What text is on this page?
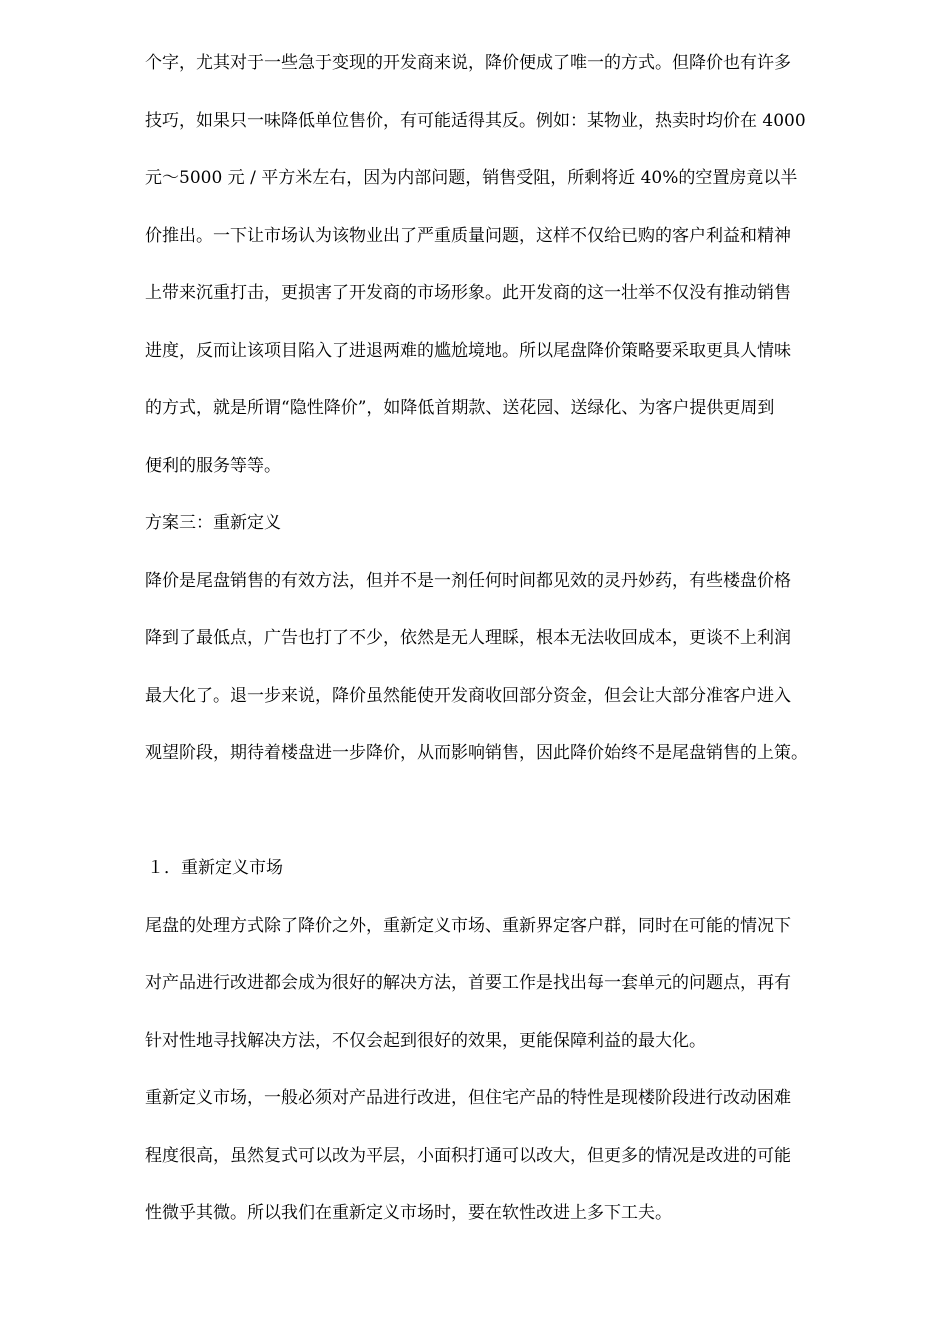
个字，尤其对于一些急于变现的开发商来说，降价便成了唯一的方式。但降价也有许多
技巧，如果只一味降低单位售价，有可能适得其反。例如：某物业，热卖时均价在 4000
元～5000 元 / 平方米左右，因为内部问题，销售受阻，所剩将近 40%的空置房竟以半
价推出。一下让市场认为该物业出了严重质量问题，这样不仅给已购的客户利益和精神
上带来沉重打击，更损害了开发商的市场形象。此开发商的这一壮举不仅没有推动销售
进度，反而让该项目陷入了进退两难的尴尬境地。所以尾盘降价策略要采取更具人情味
的方式，就是所谓“隐性降价”，如降低首期款、送花园、送绿化、为客户提供更周到
便利的服务等等。
方案三：重新定义
降价是尾盘销售的有效方法，但并不是一剂任何时间都见效的灵丹妙药，有些楼盘价格
降到了最低点，广告也打了不少，依然是无人理睬，根本无法收回成本，更谈不上利润
最大化了。退一步来说，降价虽然能使开发商收回部分资金，但会让大部分准客户进入
观望阶段，期待着楼盘进一步降价，从而影响销售，因此降价始终不是尾盘销售的上策。
１．重新定义市场
尾盘的处理方式除了降价之外，重新定义市场、重新界定客户群，同时在可能的情况下
对产品进行改进都会成为很好的解决方法，首要工作是找出每一套单元的问题点，再有
针对性地寻找解决方法，不仅会起到很好的效果，更能保障利益的最大化。
重新定义市场，一般必须对产品进行改进，但住宅产品的特性是现楼阶段进行改动困难
程度很高，虽然复式可以改为平层，小面积打通可以改大，但更多的情况是改进的可能
性微乎其微。所以我们在重新定义市场时，要在软性改进上多下工夫。
